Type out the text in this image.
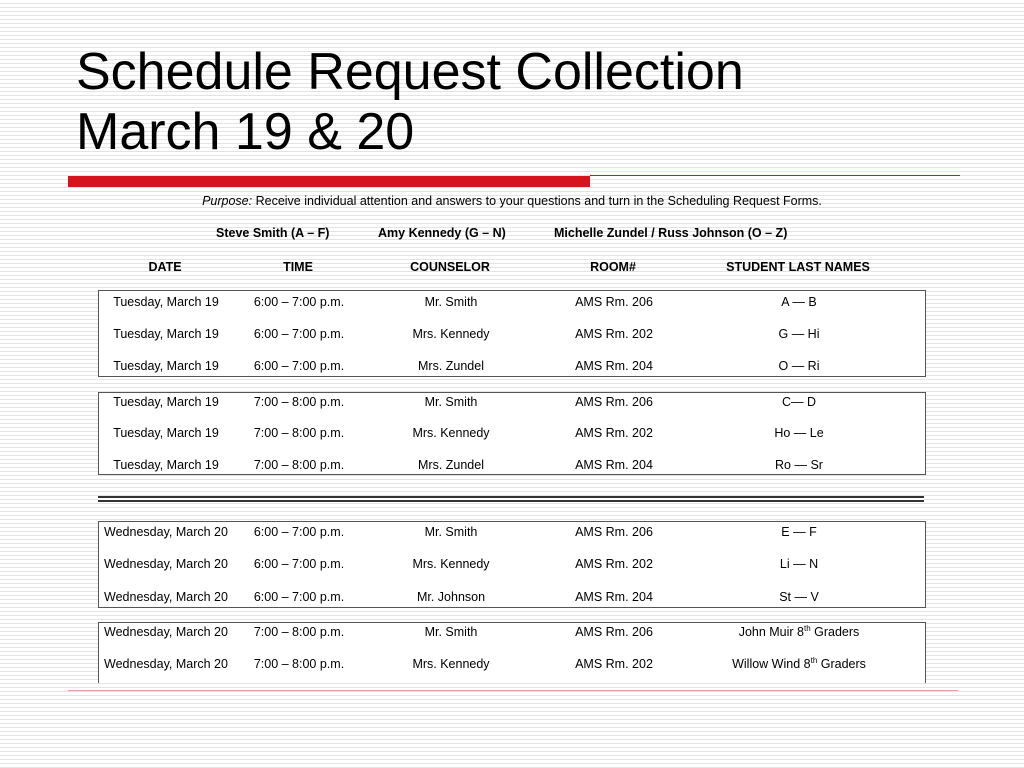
Schedule Request Collection
March 19 & 20
Purpose: Receive individual attention and answers to your questions and turn in the Scheduling Request Forms.
Steve Smith (A – F)	Amy Kennedy (G – N)	Michelle Zundel / Russ Johnson (O – Z)
DATE	TIME	COUNSELOR	ROOM#	STUDENT LAST NAMES
Tuesday, March 19	6:00 – 7:00 p.m.	Mr. Smith	AMS Rm. 206	A — B
Tuesday, March 19	6:00 – 7:00 p.m.	Mrs. Kennedy	AMS Rm. 202	G — Hi
Tuesday, March 19	6:00 – 7:00 p.m.	Mrs. Zundel	AMS Rm. 204	O — Ri
Tuesday, March 19	7:00 – 8:00 p.m.	Mr. Smith	AMS Rm. 206	C— D
Tuesday, March 19	7:00 – 8:00 p.m.	Mrs. Kennedy	AMS Rm. 202	Ho — Le
Tuesday, March 19	7:00 – 8:00 p.m.	Mrs. Zundel	AMS Rm. 204	Ro — Sr
Wednesday, March 20	6:00 – 7:00 p.m.	Mr. Smith	AMS Rm. 206	E — F
Wednesday, March 20	6:00 – 7:00 p.m.	Mrs. Kennedy	AMS Rm. 202	Li — N
Wednesday, March 20	6:00 – 7:00 p.m.	Mr. Johnson	AMS Rm. 204	St — V
Wednesday, March 20	7:00 – 8:00 p.m.	Mr. Smith	AMS Rm. 206	John Muir 8th Graders
Wednesday, March 20	7:00 – 8:00 p.m.	Mrs. Kennedy	AMS Rm. 202	Willow Wind 8th Graders
